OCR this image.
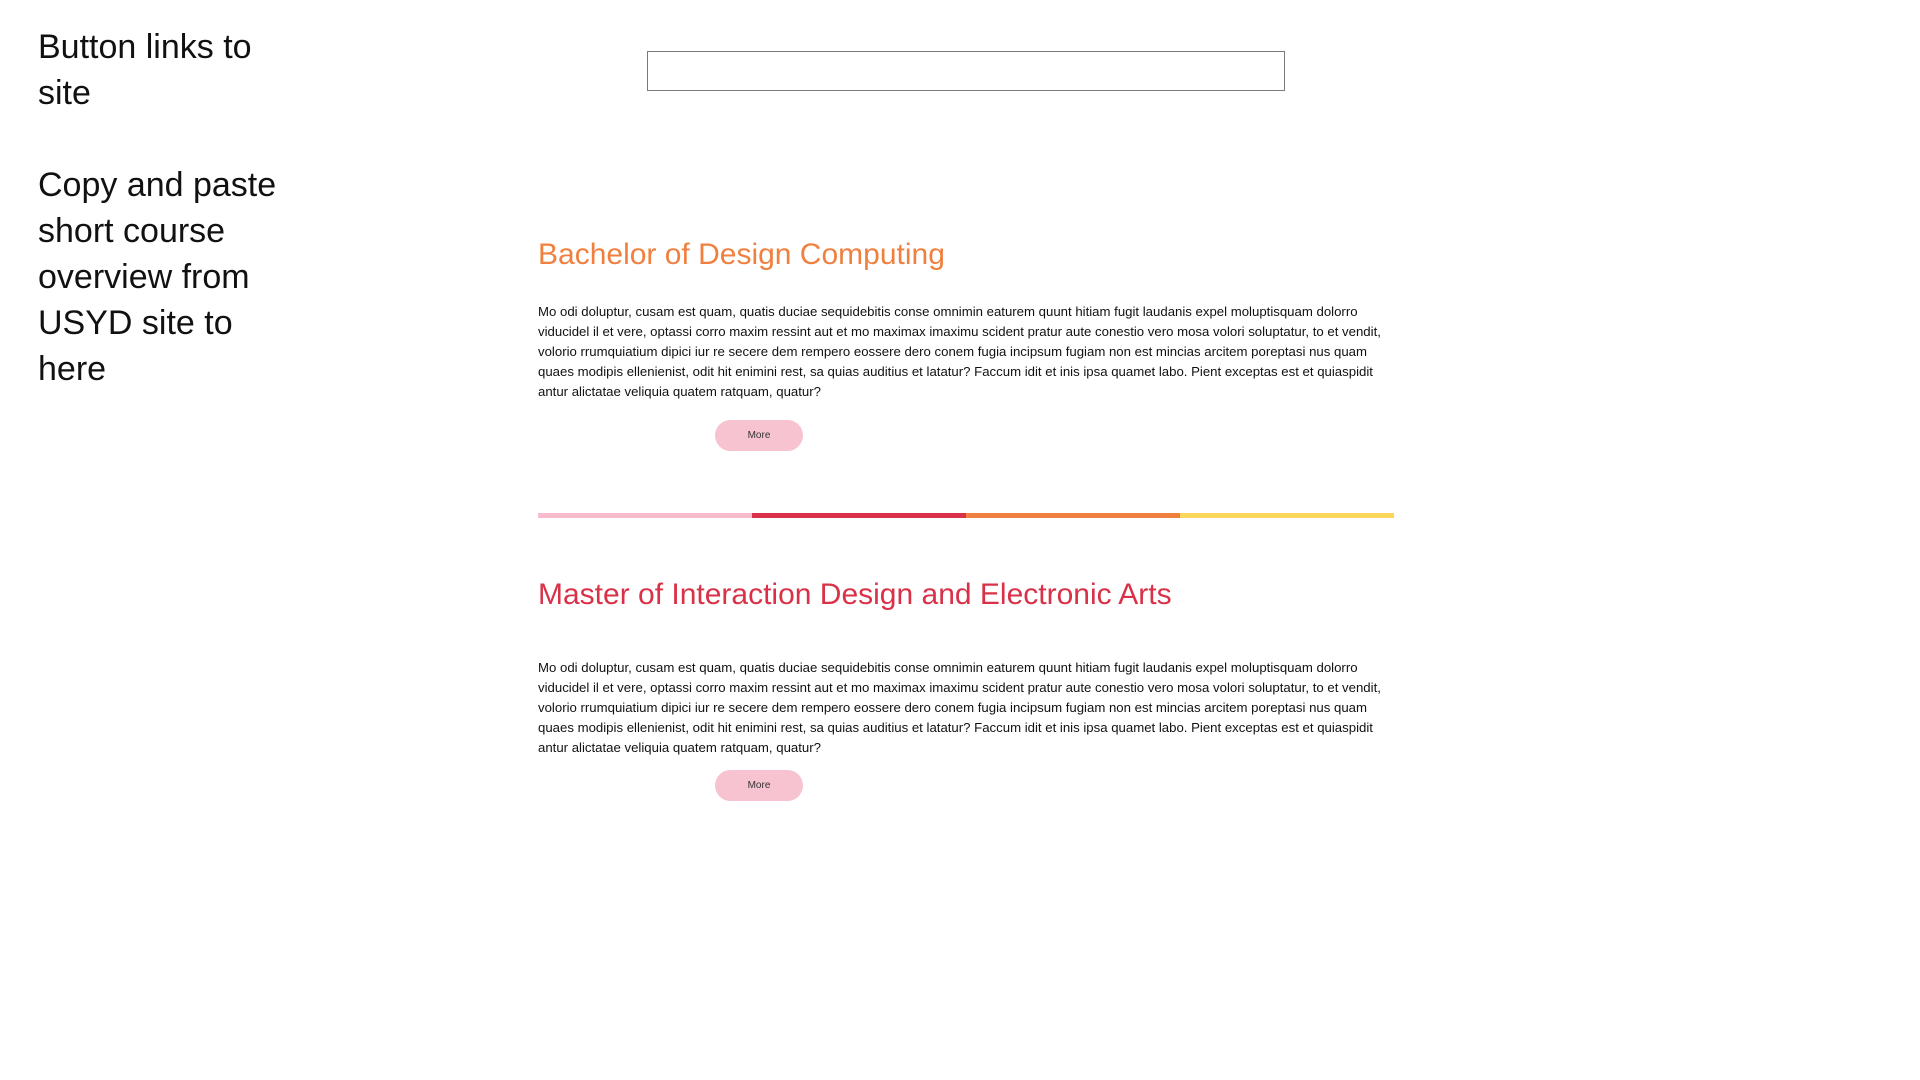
Button links to site

Copy and paste short course overview from USYD site to here

Bachelor of Design Computing

Mo odi doluptur, cusam est quam, quatis duciae sequidebitis conse omnimin eaturem quunt hitiam fugit laudanis expel moluptisquam dolorro viducidel il et vere, optassi corro maxim ressint aut et mo maximax imaximu scident pratur aute conestio vero mosa volori soluptatur, to et vendit, volorio rrumquiatium dipici iur re secere dem rempero eossere dero conem fugia incipsum fugiam non est mincias arcitem poreptasi nus quam quaes modipis ellenienist, odit hit enimini rest, sa quias auditius et latatur? Faccum idit et inis ipsa quamet labo. Pient exceptas est et quiaspidit antur alictatae veliquia quatem ratquam, quatur?

More
Master of Interaction Design and Electronic Arts

Mo odi doluptur, cusam est quam, quatis duciae sequidebitis conse omnimin eaturem quunt hitiam fugit laudanis expel moluptisquam dolorro viducidel il et vere, optassi corro maxim ressint aut et mo maximax imaximu scident pratur aute conestio vero mosa volori soluptatur, to et vendit, volorio rrumquiatium dipici iur re secere dem rempero eossere dero conem fugia incipsum fugiam non est mincias arcitem poreptasi nus quam quaes modipis ellenienist, odit hit enimini rest, sa quias auditius et latatur? Faccum idit et inis ipsa quamet labo. Pient exceptas est et quiaspidit antur alictatae veliquia quatem ratquam, quatur?

More
